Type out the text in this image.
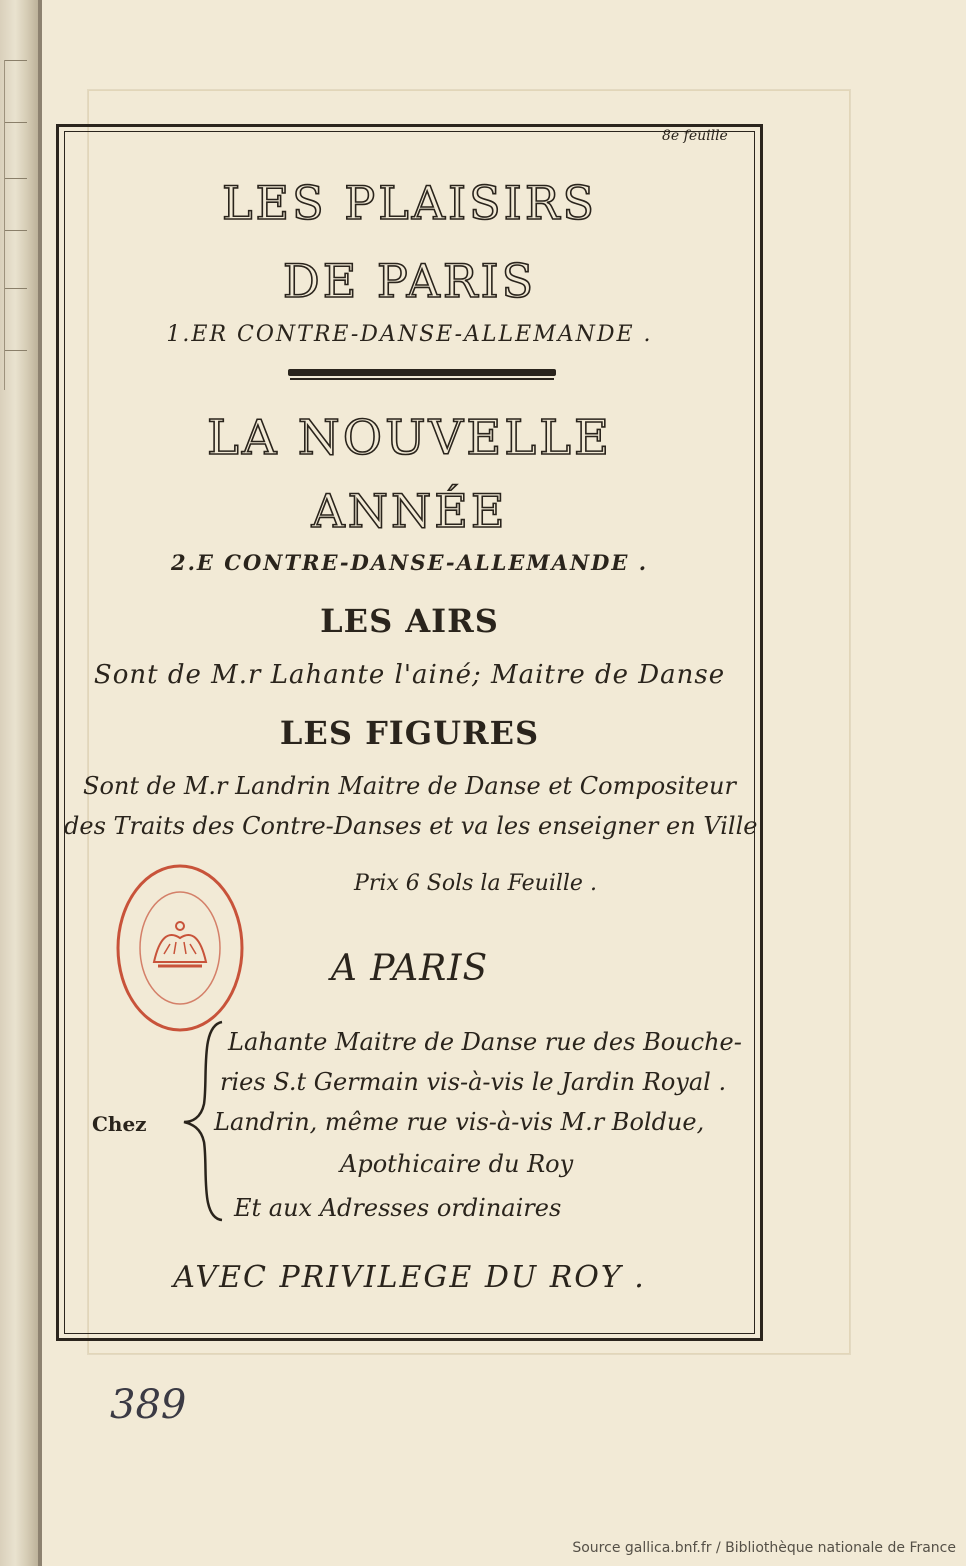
8e feuille
LES PLAISIRS
DE PARIS
1.ER CONTRE-DANSE-ALLEMANDE .
LA NOUVELLE
ANNÉE
2.E CONTRE-DANSE-ALLEMANDE .
LES AIRS
Sont de M.r Lahante l'ainé; Maitre de Danse
LES FIGURES
Sont de M.r Landrin Maitre de Danse et Compositeur
des Traits des Contre-Danses et va les enseigner en Ville
Prix 6 Sols la Feuille .
A PARIS
Chez
Lahante Maitre de Danse rue des Bouche-
ries S.t Germain vis-à-vis le Jardin Royal .
Landrin, même rue vis-à-vis M.r Boldue,
Apothicaire du Roy
Et aux Adresses ordinaires
AVEC PRIVILEGE DU ROY .
389
Source gallica.bnf.fr / Bibliothèque nationale de France
